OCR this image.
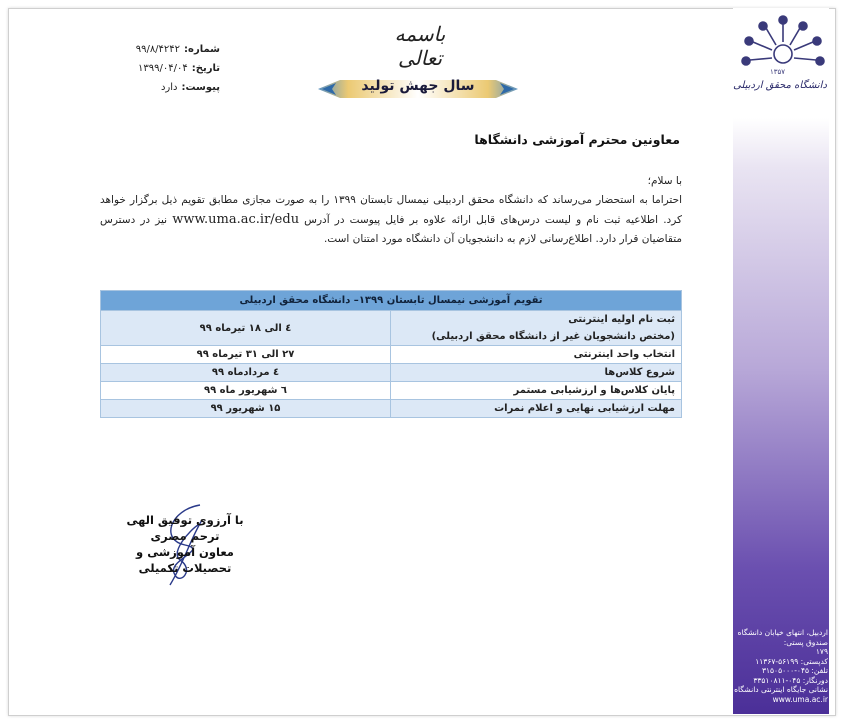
۱۳۵۷
دانشگاه محقق اردبیلی
باسمه تعالی
سال جهش تولید
شماره:۹۹/۸/۴۲۴۲
تاریخ:۱۳۹۹/۰۴/۰۴
پیوست:دارد
معاونین محترم آموزشی دانشگاها
با سلام؛
احتراما به استحضار می‌رساند که دانشگاه محقق اردبیلی نیمسال تابستان ۱۳۹۹ را به صورت مجازی مطابق تقویم ذیل برگزار خواهد کرد. اطلاعیه ثبت نام و لیست درس‌های قابل ارائه علاوه بر فایل پیوست در آدرس www.uma.ac.ir/edu نیز در دسترس متقاضیان قرار دارد. اطلاع‌رسانی لازم به دانشجویان آن دانشگاه مورد امتنان است.
تقویم آموزشی نیمسال تابستان ۱۳۹۹– دانشگاه محقق اردبیلی	

ثبت نام اولیه اینترنتی
(مختص دانشجویان غیر از دانشگاه محقق اردبیلی)	٤ الی ۱۸ تیرماه ۹۹
انتخاب واحد اینترنتی	۲۷ الی ۳۱ تیرماه ۹۹
شروع کلاس‌ها	٤ مردادماه ۹۹
پایان کلاس‌ها و ارزشیابی مستمر	٦ شهریور ماه ۹۹
مهلت ارزشیابی نهایی و اعلام نمرات	۱۵ شهریور ۹۹
با آرزوی توفیق الهی
ترحم مصری
معاون آموزشی و
تحصیلات تکمیلی
اردبیل، انتهای خیابان دانشگاه
صندوق پستی:
۱۷۹
کدپستی: ۵۶۱۹۹-۱۱۳۶۷
تلفن: ۰۴۵-۳۱۵۰۵۰۰۰
دورنگار: ۰۴۵-۳۳۵۱۰۸۱۱
نشانی جایگاه اینترنتی دانشگاه
www.uma.ac.ir
